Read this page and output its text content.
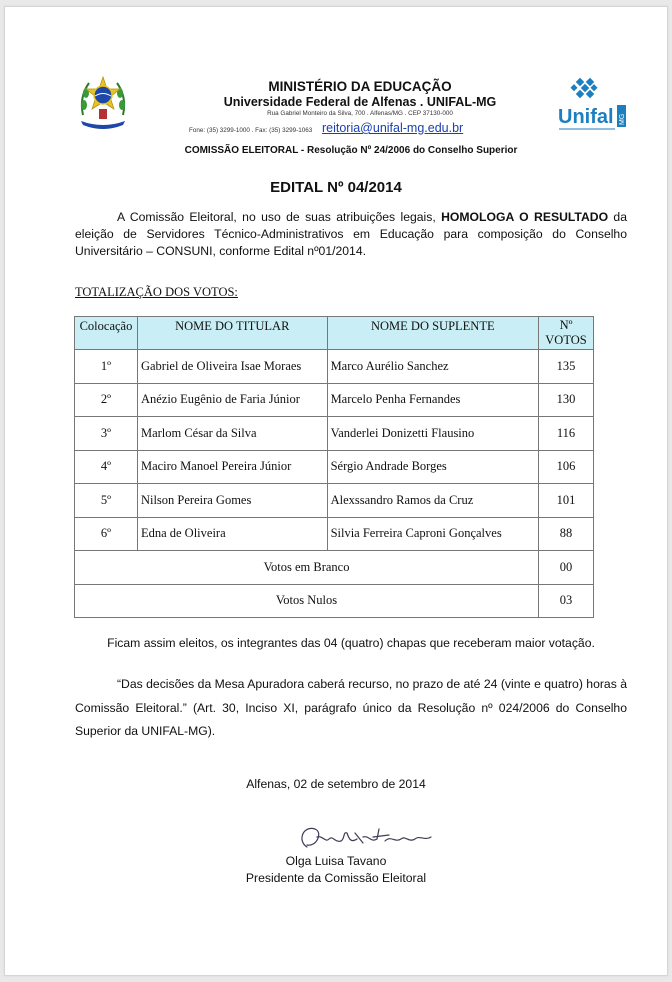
Unifal MG
MINISTÉRIO DA EDUCAÇÃO
Universidade Federal de Alfenas . UNIFAL-MG
Rua Gabriel Monteiro da Silva, 700 . Alfenas/MG . CEP 37130-000
Fone: (35) 3299-1000 . Fax: (35) 3299-1063 reitoria@unifal-mg.edu.br
COMISSÃO ELEITORAL - Resolução Nº 24/2006 do Conselho Superior
EDITAL Nº 04/2014
A Comissão Eleitoral, no uso de suas atribuições legais, HOMOLOGA O RESULTADO da eleição de Servidores Técnico-Administrativos em Educação para composição do Conselho Universitário – CONSUNI, conforme Edital nº01/2014.
TOTALIZAÇÃO DOS VOTOS:
Colocação	NOME DO TITULAR	NOME DO SUPLENTE	Nº
VOTOS
1º	Gabriel de Oliveira Isae Moraes	Marco Aurélio Sanchez	135
2º	Anézio Eugênio de Faria Júnior	Marcelo Penha Fernandes	130
3º	Marlom César da Silva	Vanderlei Donizetti Flausino	116
4º	Maciro Manoel Pereira Júnior	Sérgio Andrade Borges	106
5º	Nilson Pereira Gomes	Alexssandro Ramos da Cruz	101
6º	Edna de Oliveira	Silvia Ferreira Caproni Gonçalves	88
Votos em Branco			00
Votos Nulos			03
Ficam assim eleitos, os integrantes das 04 (quatro) chapas que receberam maior votação.
“Das decisões da Mesa Apuradora caberá recurso, no prazo de até 24 (vinte e quatro) horas à Comissão Eleitoral.” (Art. 30, Inciso XI, parágrafo único da Resolução nº 024/2006 do Conselho Superior da UNIFAL-MG).
Alfenas, 02 de setembro de 2014
Olga Luisa Tavano
Presidente da Comissão Eleitoral
